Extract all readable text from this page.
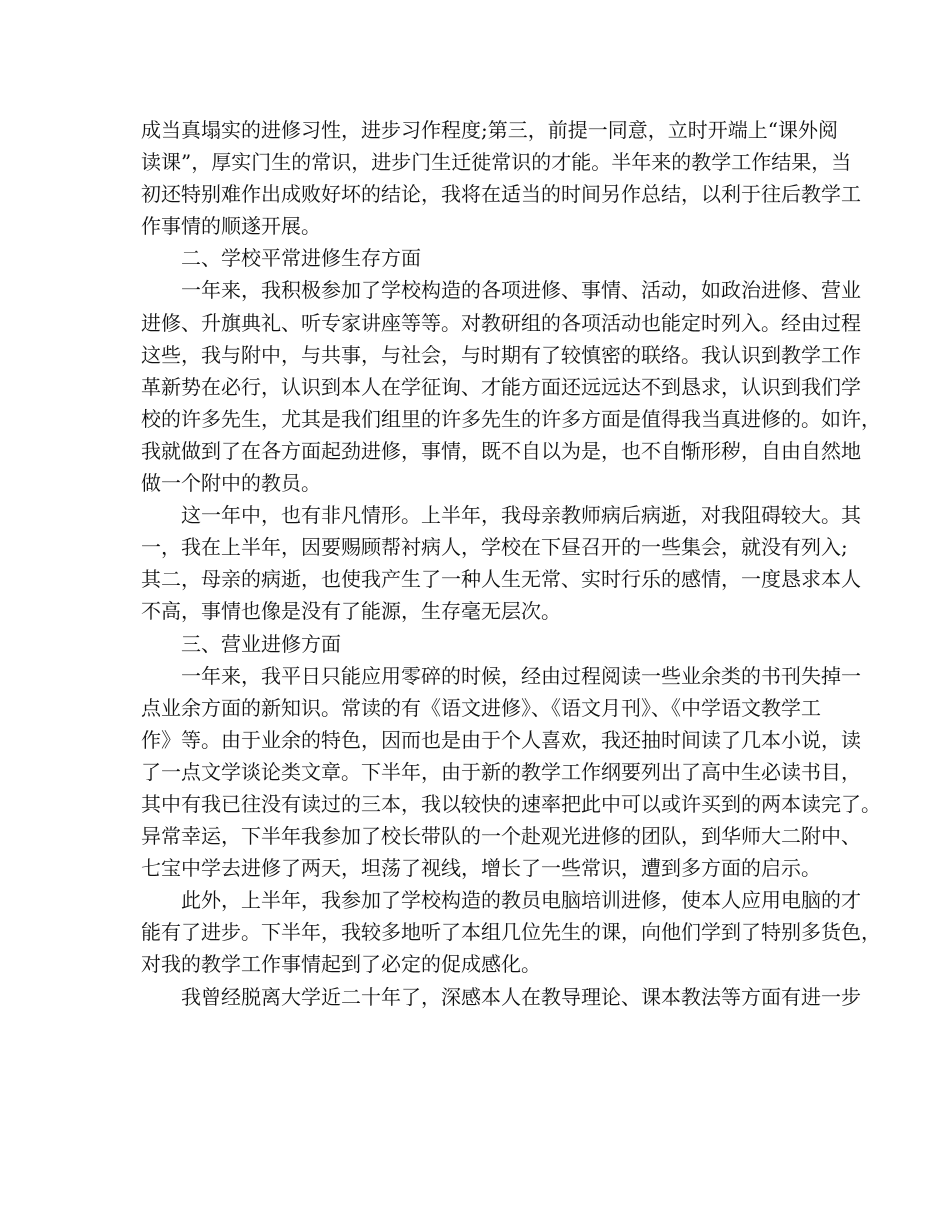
成当真塌实的进修习性，进步习作程度;第三，前提一同意，立时开端上“课外阅
读课”，厚实门生的常识，进步门生迁徙常识的才能。半年来的教学工作结果，当
初还特别难作出成败好坏的结论，我将在适当的时间另作总结，以利于往后教学工
作事情的顺遂开展。
二、学校平常进修生存方面
一年来，我积极参加了学校构造的各项进修、事情、活动，如政治进修、营业
进修、升旗典礼、听专家讲座等等。对教研组的各项活动也能定时列入。经由过程
这些，我与附中，与共事，与社会，与时期有了较慎密的联络。我认识到教学工作
革新势在必行，认识到本人在学征询、才能方面还远远达不到恳求，认识到我们学
校的许多先生，尤其是我们组里的许多先生的许多方面是值得我当真进修的。如许，
我就做到了在各方面起劲进修，事情，既不自以为是，也不自惭形秽，自由自然地
做一个附中的教员。
这一年中，也有非凡情形。上半年，我母亲教师病后病逝，对我阻碍较大。其
一，我在上半年，因要赐顾帮衬病人，学校在下昼召开的一些集会，就没有列入;
其二，母亲的病逝，也使我产生了一种人生无常、实时行乐的感情，一度恳求本人
不高，事情也像是没有了能源，生存毫无层次。
三、营业进修方面
一年来，我平日只能应用零碎的时候，经由过程阅读一些业余类的书刊失掉一
点业余方面的新知识。常读的有《语文进修》、《语文月刊》、《中学语文教学工
作》等。由于业余的特色，因而也是由于个人喜欢，我还抽时间读了几本小说，读
了一点文学谈论类文章。下半年，由于新的教学工作纲要列出了高中生必读书目，
其中有我已往没有读过的三本，我以较快的速率把此中可以或许买到的两本读完了。
异常幸运，下半年我参加了校长带队的一个赴观光进修的团队，到华师大二附中、
七宝中学去进修了两天，坦荡了视线，增长了一些常识，遭到多方面的启示。
此外，上半年，我参加了学校构造的教员电脑培训进修，使本人应用电脑的才
能有了进步。下半年，我较多地听了本组几位先生的课，向他们学到了特别多货色，
对我的教学工作事情起到了必定的促成感化。
我曾经脱离大学近二十年了，深感本人在教导理论、课本教法等方面有进一步
